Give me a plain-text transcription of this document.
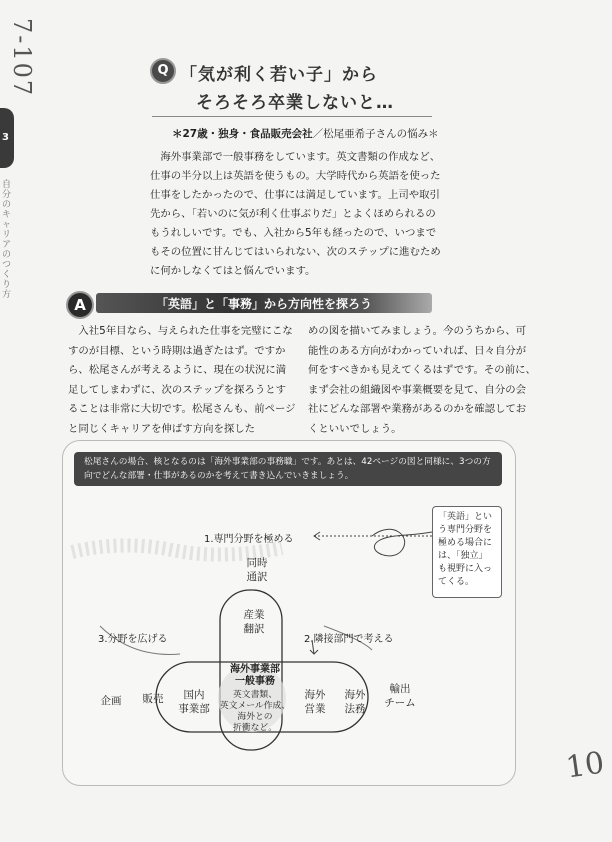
7-107
3
自分のキャリアのつくり方
Q 「気が利く若い子」から
そろそろ卒業しないと…
＊27歳・独身・食品販売会社／松尾亜希子さんの悩み＊

海外事業部で一般事務をしています。英文書類の作成など、仕事の半分以上は英語を使うもの。大学時代から英語を使った仕事をしたかったので、仕事には満足しています。上司や取引先から、「若いのに気が利く仕事ぶりだ」とよくほめられるのもうれしいです。でも、入社から5年も経ったので、いつまでもその位置に甘んじてはいられない、次のステップに進むために何かしなくてはと悩んでいます。

A	「英語」と「事務」から方向性を探ろう

入社5年目なら、与えられた仕事を完璧にこなすのが目標、という時期は過ぎたはず。ですから、松尾さんが考えるように、現在の状況に満足してしまわずに、次のステップを探ろうとすることは非常に大切です。松尾さんも、前ページと同じくキャリアを伸ばす方向を探した

めの図を描いてみましょう。今のうちから、可能性のある方向がわかっていれば、日々自分が何をすべきかも見えてくるはずです。その前に、まず会社の組織図や事業概要を見て、自分の会社にどんな部署や業務があるのかを確認しておくといいでしょう。

松尾さんの場合、核となるのは「海外事業部の事務職」です。あとは、42ページの図と同様に、3つの方向でどんな部署・仕事があるのかを考えて書き込んでいきましょう。
1.専門分野を極める
2.隣接部門で考える
3.分野を広げる
同時
通訳
産業
翻訳
海外事業部
一般事務
英文書類、
英文メール作成、
海外との
折衝など。
国内
事業部
販売
企画	海外
営業
海外
法務
輸出
チーム
「英語」という専門分野を極める場合には、「独立」も視野に入ってくる。
10
